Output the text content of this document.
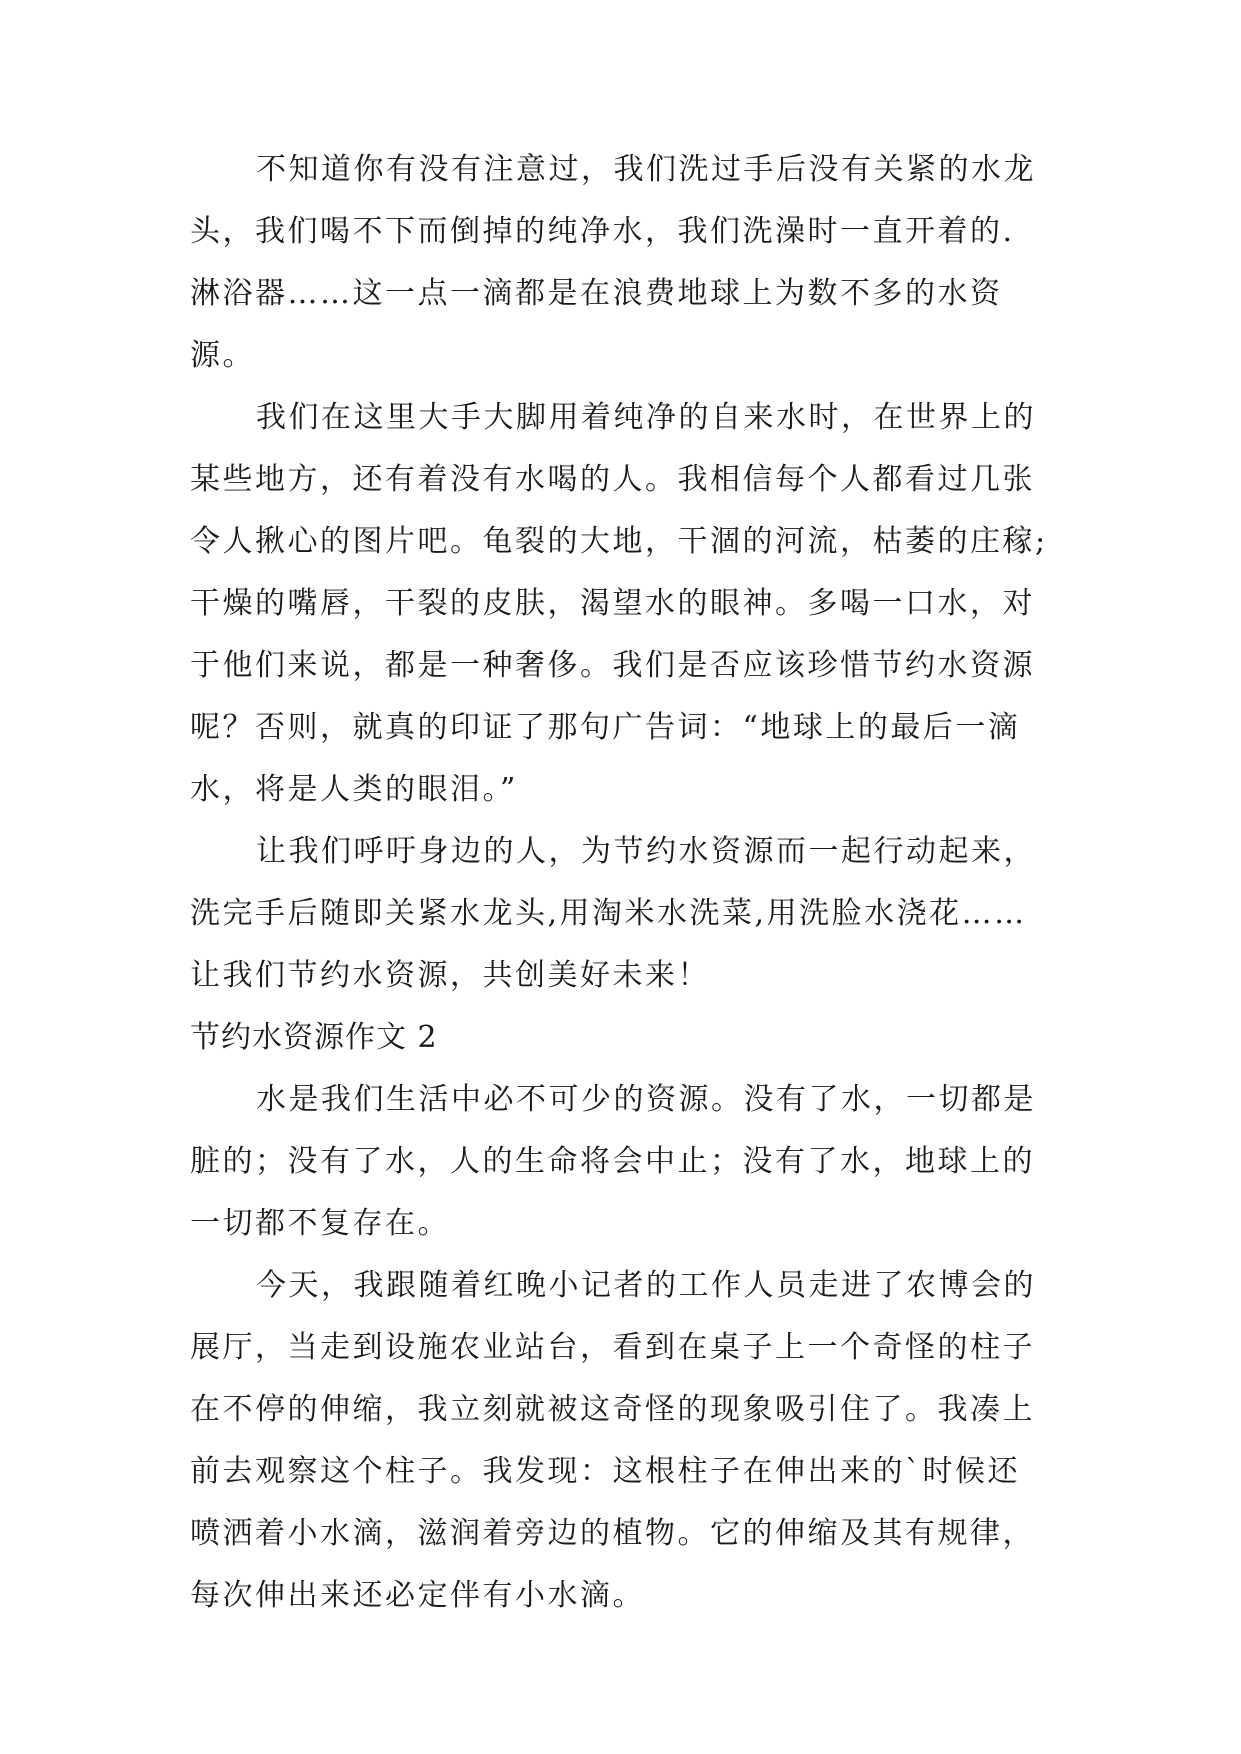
不知道你有没有注意过，我们洗过手后没有关紧的水龙
头，我们喝不下而倒掉的纯净水，我们洗澡时一直开着的.
淋浴器……这一点一滴都是在浪费地球上为数不多的水资
源。
我们在这里大手大脚用着纯净的自来水时，在世界上的
某些地方，还有着没有水喝的人。我相信每个人都看过几张
令人揪心的图片吧。龟裂的大地，干涸的河流，枯萎的庄稼;
干燥的嘴唇，干裂的皮肤，渴望水的眼神。多喝一口水，对
于他们来说，都是一种奢侈。我们是否应该珍惜节约水资源
呢？否则，就真的印证了那句广告词：“地球上的最后一滴
水，将是人类的眼泪。”
让我们呼吁身边的人，为节约水资源而一起行动起来，
洗完手后随即关紧水龙头,用淘米水洗菜,用洗脸水浇花……
让我们节约水资源，共创美好未来！
节约水资源作文 2
水是我们生活中必不可少的资源。没有了水，一切都是
脏的；没有了水，人的生命将会中止；没有了水，地球上的
一切都不复存在。
今天，我跟随着红晚小记者的工作人员走进了农博会的
展厅，当走到设施农业站台，看到在桌子上一个奇怪的柱子
在不停的伸缩，我立刻就被这奇怪的现象吸引住了。我凑上
前去观察这个柱子。我发现：这根柱子在伸出来的`时候还
喷洒着小水滴，滋润着旁边的植物。它的伸缩及其有规律，
每次伸出来还必定伴有小水滴。
